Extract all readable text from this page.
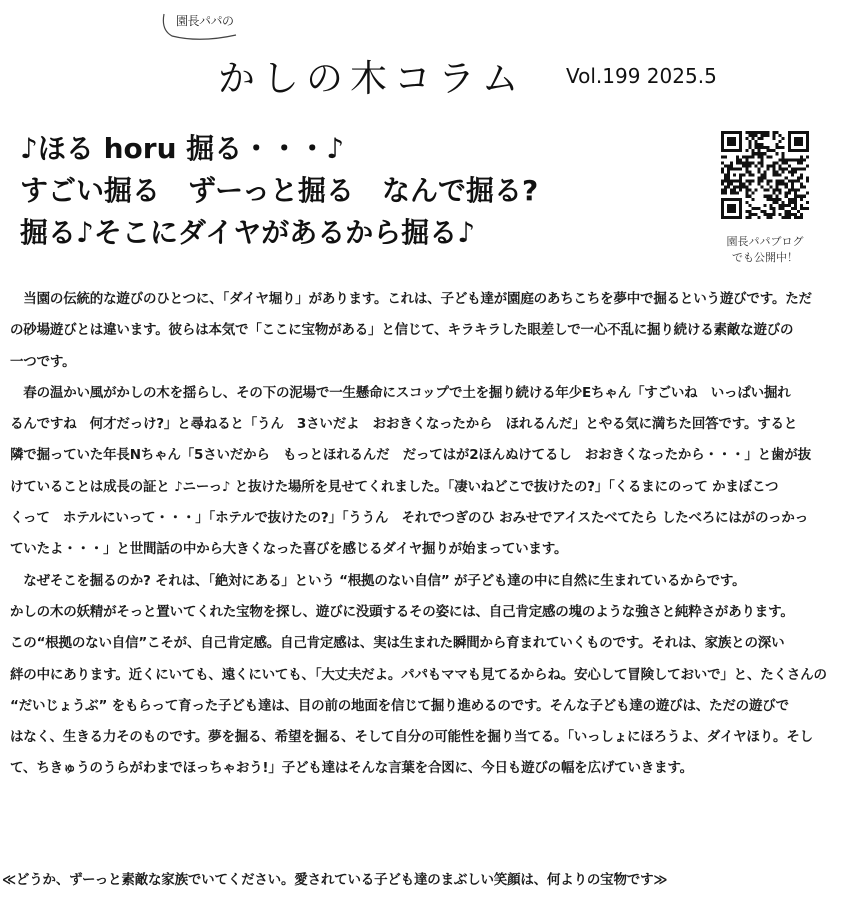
園長パパの
かしの木コラム Vol.199 2025.5
♪ほる horu 掘る・・・♪
すごい掘る　ずーっと掘る　なんで掘る?
掘る♪そこにダイヤがあるから掘る♪	園長パパブログ
でも公開中！
　当園の伝統的な遊びのひとつに、「ダイヤ堀り」があります。これは、子ども達が園庭のあちこちを夢中で掘るという遊びです。ただ
の砂場遊びとは違います。彼らは本気で「ここに宝物がある」と信じて、キラキラした眼差しで一心不乱に掘り続ける素敵な遊びの
一つです。
　春の温かい風がかしの木を揺らし、その下の泥場で一生懸命にスコップで土を掘り続ける年少Eちゃん「すごいね　いっぱい掘れ
るんですね　何才だっけ?」と尋ねると「うん　3さいだよ　おおきくなったから　ほれるんだ」とやる気に満ちた回答です。すると
隣で掘っていた年長Nちゃん「5さいだから　もっとほれるんだ　だってはが2ほんぬけてるし　おおきくなったから・・・」と歯が抜
けていることは成長の証と ♪ニーっ♪ と抜けた場所を見せてくれました。「凄いねどこで抜けたの?」「くるまにのって かまぼこつ
くって　ホテルにいって・・・」「ホテルで抜けたの?」「ううん　それでつぎのひ おみせでアイスたべてたら したべろにはがのっかっ
ていたよ・・・」と世間話の中から大きくなった喜びを感じるダイヤ掘りが始まっています。
　なぜそこを掘るのか? それは、「絶対にある」という “根拠のない自信” が子ども達の中に自然に生まれているからです。
かしの木の妖精がそっと置いてくれた宝物を探し、遊びに没頭するその姿には、自己肯定感の塊のような強さと純粋さがあります。
この“根拠のない自信”こそが、自己肯定感。自己肯定感は、実は生まれた瞬間から育まれていくものです。それは、家族との深い
絆の中にあります。近くにいても、遠くにいても、「大丈夫だよ。パパもママも見てるからね。安心して冒険しておいで」と、たくさんの
“だいじょうぶ” をもらって育った子ども達は、目の前の地面を信じて掘り進めるのです。そんな子ども達の遊びは、ただの遊びで
はなく、生きる力そのものです。夢を掘る、希望を掘る、そして自分の可能性を掘り当てる。「いっしょにほろうよ、ダイヤほり。そし
て、ちきゅうのうらがわまでほっちゃおう!」子ども達はそんな言葉を合図に、今日も遊びの幅を広げていきます。
≪どうか、ずーっと素敵な家族でいてください。愛されている子ども達のまぶしい笑顔は、何よりの宝物です≫
